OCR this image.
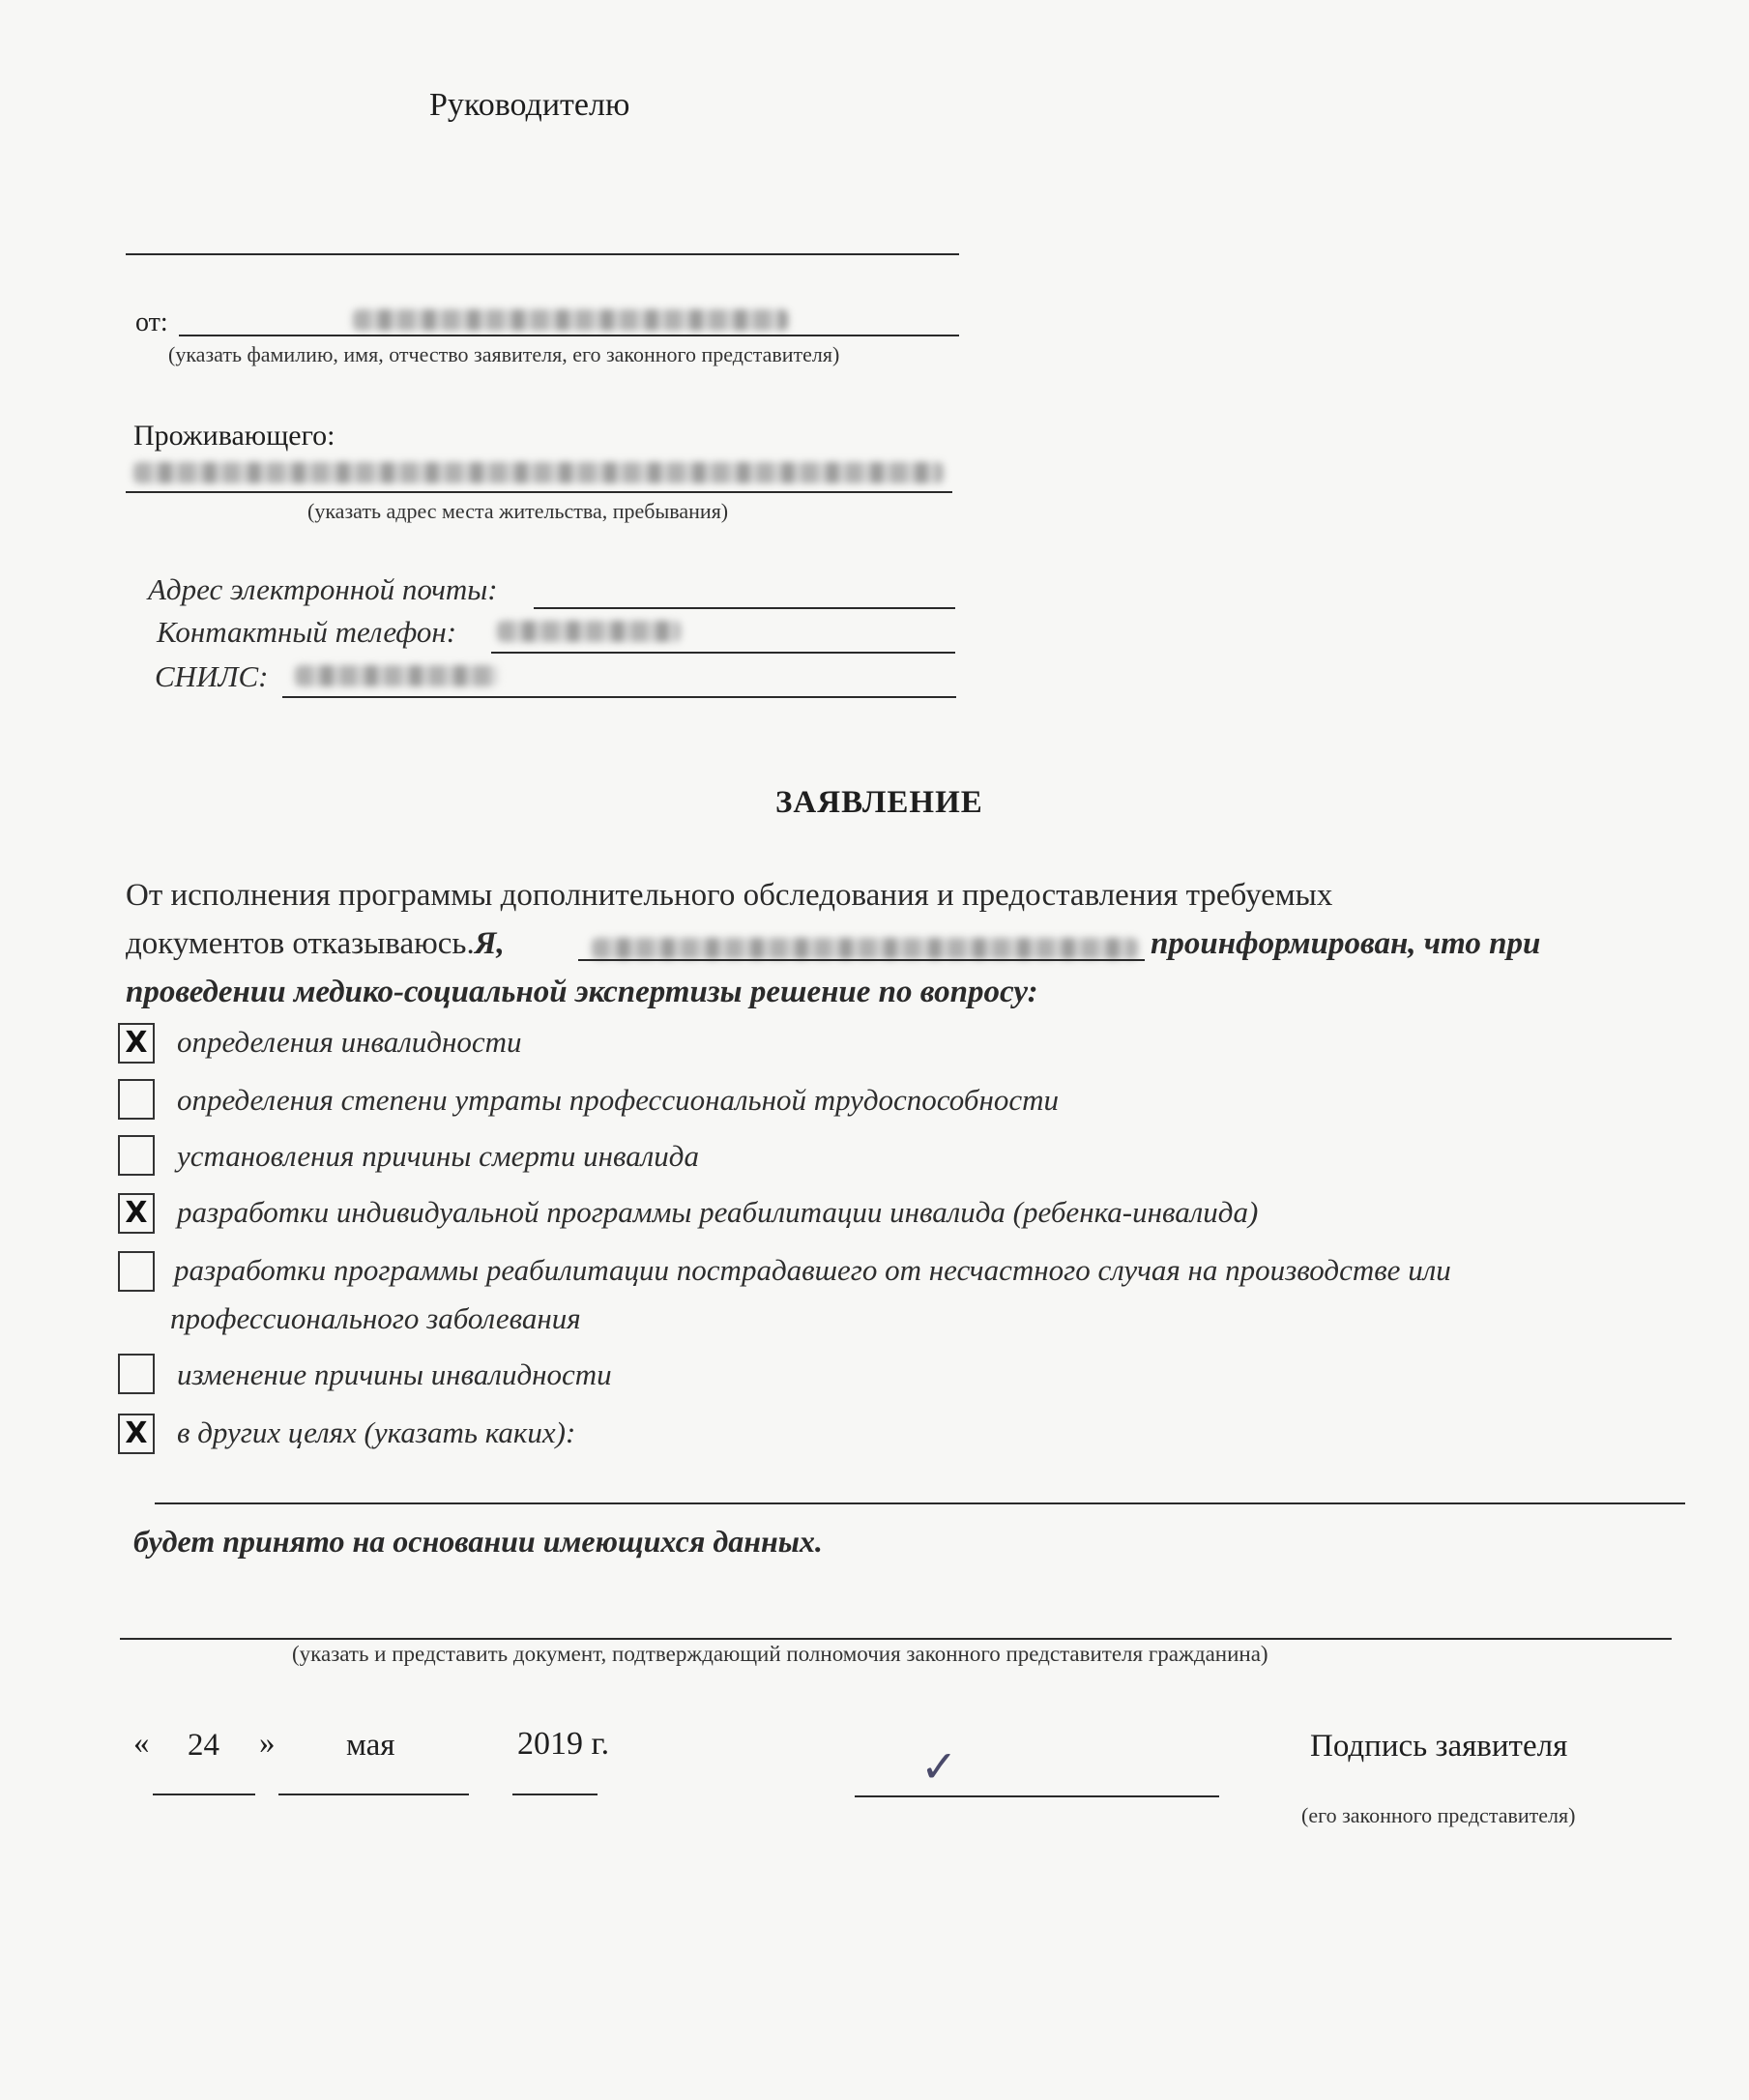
Руководителю
от:
(указать фамилию, имя, отчество заявителя, его законного представителя)
Проживающего:
(указать адрес места жительства, пребывания)
Адрес электронной почты:
Контактный телефон:
СНИЛС:
ЗАЯВЛЕНИЕ
От исполнения программы дополнительного обследования и предоставления требуемых
документов отказываюсь.Я,	проинформирован, что при
проведении медико-социальной экспертизы решение по вопросу:
X определения инвалидности
определения степени утраты профессиональной трудоспособности
установления причины смерти инвалида
X разработки индивидуальной программы реабилитации инвалида (ребенка-инвалида)
разработки программы реабилитации пострадавшего от несчастного случая на производстве или
профессионального заболевания
изменение причины инвалидности
X в других целях (указать каких):
будет принято на основании имеющихся данных.
(указать и представить документ, подтверждающий полномочия законного представителя гражданина)
« 24 » мая	2019 г.	✓	Подпись заявителя
(его законного представителя)
